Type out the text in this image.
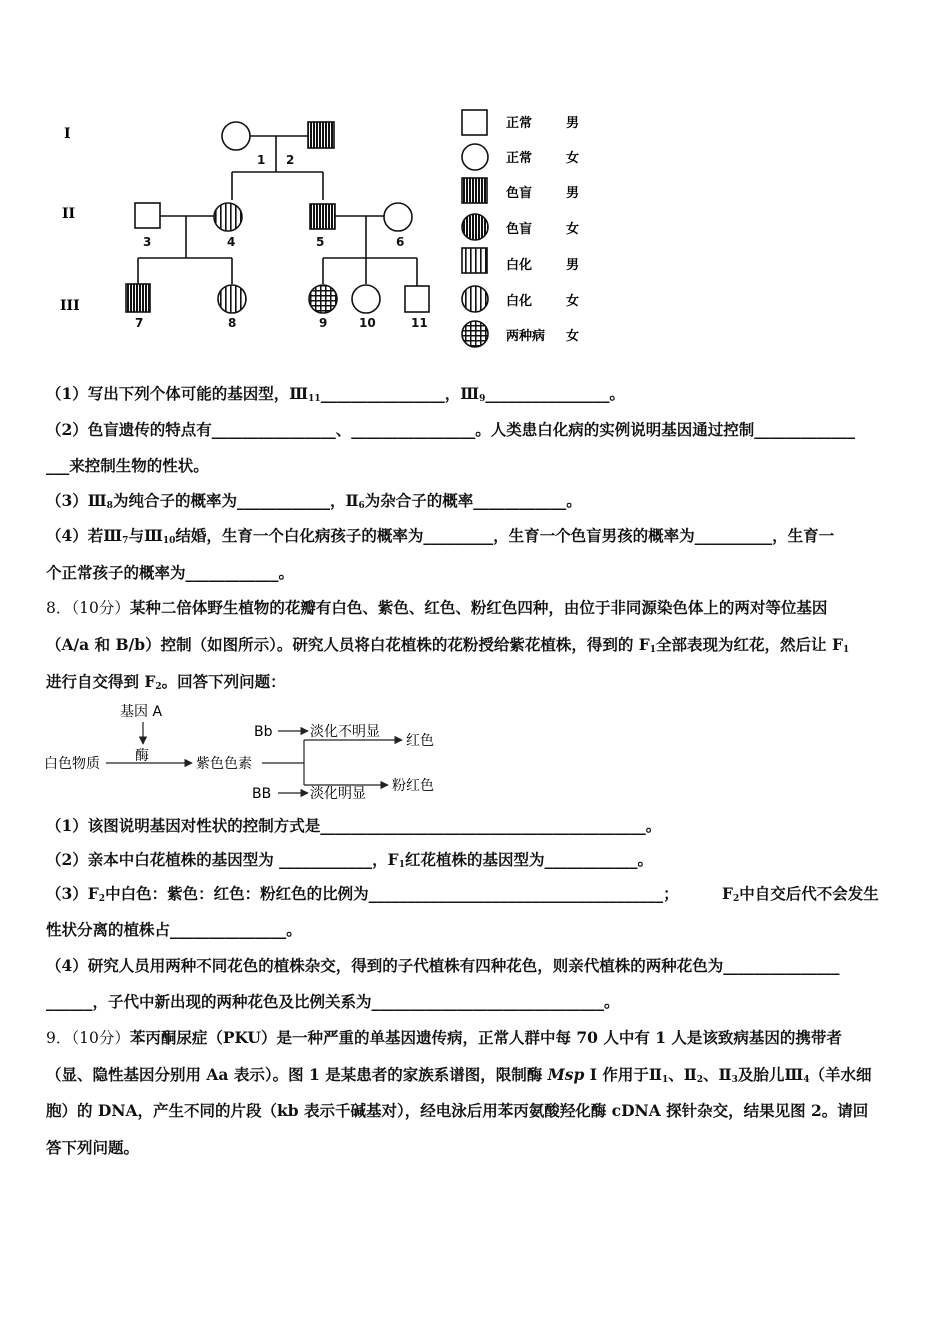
I
II
III
1 2
3	4	5	6
7	8	9	10	11
正常	男
正常	女
色盲	男
色盲	女
白化	男
白化	女
两种病 女
（1）写出下列个体可能的基因型，$Ⅲ_{11}\_\_\_\_\_\_\_\_\_\_\_\_\_\_\_\_$，$Ⅲ_9\_\_\_\_\_\_\_\_\_\_\_\_\_\_\_\_$。
（2）色盲遗传的特点有________________、________________。人类患白化病的实例说明基因通过控制_____________
___来控制生物的性状。
$(3)Ⅲ_8$为纯合子的概率为____________，$Ⅱ_6$为杂合子的概率____________。
（4）若$Ⅲ_7$与$Ⅲ_{10}$结婚，生育一个白化病孩子的概率为_________，生育一个色盲男孩的概率为__________，生育一
个正常孩子的概率为____________。
8．（10分）某种二倍体野生植物的花瓣有白色、紫色、红色、粉红色四种，由位于非同源染色体上的两对等位基因
（A/a 和 B/b）控制（如图所示）。研究人员将白花植株的花粉授给紫花植株，得到的 $F_1$全部表现为红花，然后让 $F_1$
进行自交得到 $F_2$。回答下列问题：
基因 A
酶
白色物质	紫色色素
Bb	淡化不明显
红色
粉红色
BB	淡化明显
（1）该图说明基因对性状的控制方式是__________________________________________。
（2）亲本中白花植株的基因型为 ____________，$F_1$红花植株的基因型为____________。
$(3)F_2$中白色：紫色：红色：粉红色的比例为______________________________________；	$F_2$中自交后代不会发生
性状分离的植株占_______________。
（4）研究人员用两种不同花色的植株杂交，得到的子代植株有四种花色，则亲代植株的两种花色为_______________
______，子代中新出现的两种花色及比例关系为______________________________。
9．（10分）苯丙酮尿症（PKU）是一种严重的单基因遗传病，正常人群中每 70 人中有 1 人是该致病基因的携带者
（显、隐性基因分别用 Aa 表示）。图 1 是某患者的家族系谱图，限制酶 Msp I 作用于$Ⅱ_1$、$Ⅱ_2$、$Ⅱ_3$及胎儿$Ⅲ_4$（羊水细
胞）的 DNA，产生不同的片段（kb 表示千碱基对），经电泳后用苯丙氨酸羟化酶 cDNA 探针杂交，结果见图 2。请回
答下列问题。
